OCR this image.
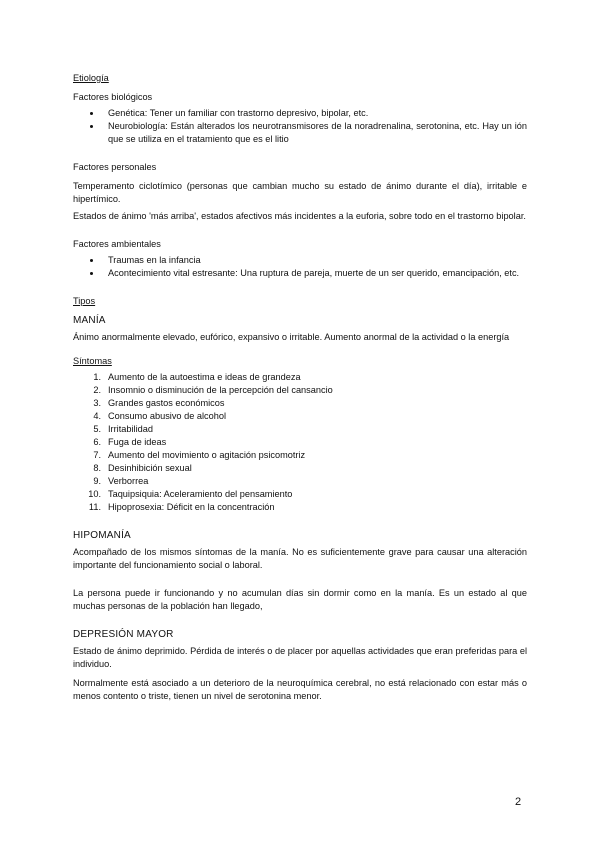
Etiología

Factores biológicos

Genética: Tener un familiar con trastorno depresivo, bipolar, etc.
Neurobiología: Están alterados los neurotransmisores de la noradrenalina, serotonina, etc. Hay un ión que se utiliza en el tratamiento que es el litio

Factores personales

Temperamento ciclotímico (personas que cambian mucho su estado de ánimo durante el día), irritable e hipertímico.

Estados de ánimo 'más arriba', estados afectivos más incidentes a la euforia, sobre todo en el trastorno bipolar.

Factores ambientales

Traumas en la infancia
Acontecimiento vital estresante: Una ruptura de pareja, muerte de un ser querido, emancipación, etc.

Tipos

MANÍA

Ánimo anormalmente elevado, eufórico, expansivo o irritable. Aumento anormal de la actividad o la energía

Síntomas

1. Aumento de la autoestima e ideas de grandeza
2. Insomnio o disminución de la percepción del cansancio
3. Grandes gastos económicos
4. Consumo abusivo de alcohol
5. Irritabilidad
6. Fuga de ideas
7. Aumento del movimiento o agitación psicomotriz
8. Desinhibición sexual
9. Verborrea
10. Taquipsiquia: Aceleramiento del pensamiento
11. Hipoprosexia: Déficit en la concentración

HIPOMANÍA

Acompañado de los mismos síntomas de la manía. No es suficientemente grave para causar una alteración importante del funcionamiento social o laboral.

La persona puede ir funcionando y no acumulan días sin dormir como en la manía. Es un estado al que muchas personas de la población han llegado,

DEPRESIÓN MAYOR

Estado de ánimo deprimido. Pérdida de interés o de placer por aquellas actividades que eran preferidas para el individuo.

Normalmente está asociado a un deterioro de la neuroquímica cerebral, no está relacionado con estar más o menos contento o triste, tienen un nivel de serotonina menor.

2
